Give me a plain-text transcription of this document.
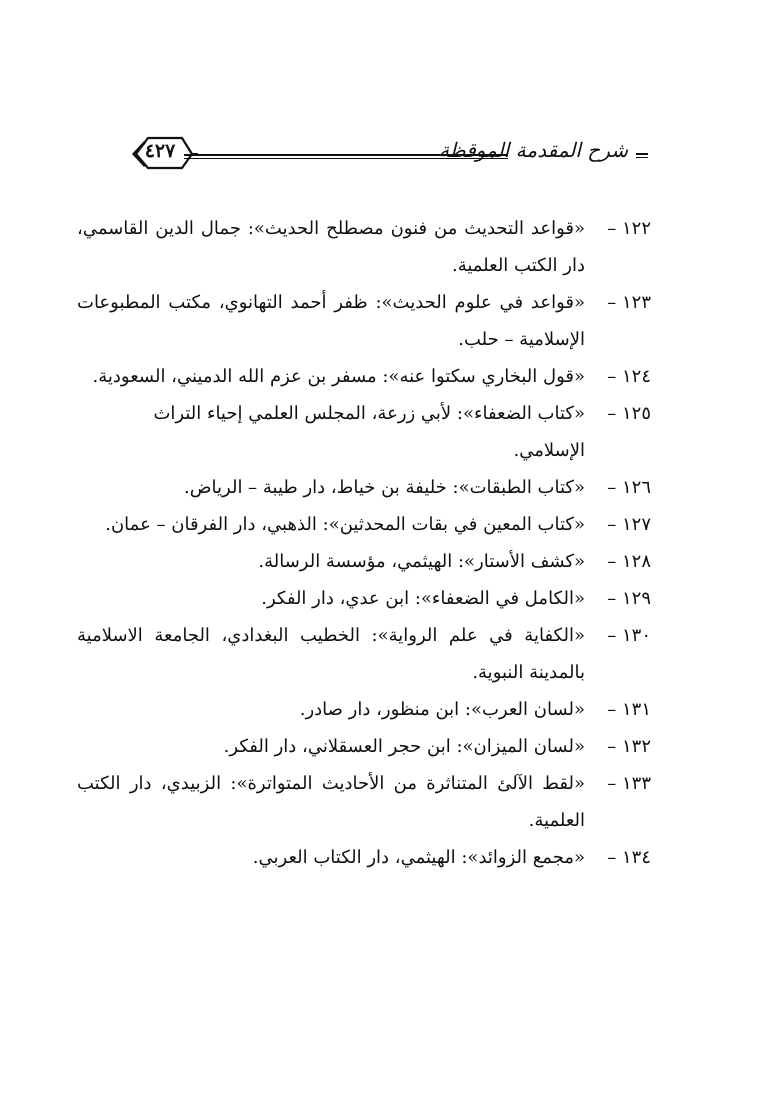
شرح المقدمة الموقظة
٤٢٧
١٢٢ –
«قواعد التحديث من فنون مصطلح الحديث»: جمال الدين القاسمي، دار الكتب العلمية.
١٢٣ –
«قواعد في علوم الحديث»: ظفر أحمد التهانوي، مكتب المطبوعات الإسلامية – حلب.
١٢٤ –
«قول البخاري سكتوا عنه»: مسفر بن عزم الله الدميني، السعودية.
١٢٥ –
«كتاب الضعفاء»: لأبي زرعة، المجلس العلمي إحياء التراث الإسلامي.
١٢٦ –
«كتاب الطبقات»: خليفة بن خياط، دار طيبة – الرياض.
١٢٧ –
«كتاب المعين في بقات المحدثين»: الذهبي، دار الفرقان – عمان.
١٢٨ –
«كشف الأستار»: الهيثمي، مؤسسة الرسالة.
١٢٩ –
«الكامل في الضعفاء»: ابن عدي، دار الفكر.
١٣٠ –
«الكفاية في علم الرواية»: الخطيب البغدادي، الجامعة الاسلامية بالمدينة النبوية.
١٣١ –
«لسان العرب»: ابن منظور، دار صادر.
١٣٢ –
«لسان الميزان»: ابن حجر العسقلاني، دار الفكر.
١٣٣ –
«لقط الآلئ المتناثرة من الأحاديث المتواترة»: الزبيدي، دار الكتب العلمية.
١٣٤ –
«مجمع الزوائد»: الهيثمي، دار الكتاب العربي.
